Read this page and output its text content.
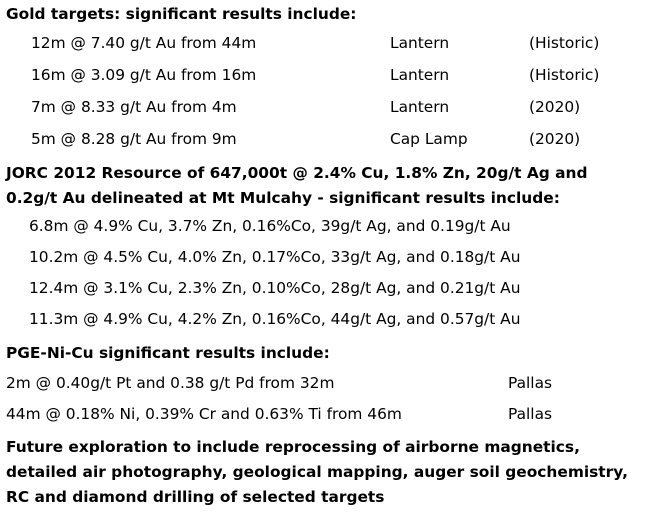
Gold targets: significant results include:
12m @ 7.40 g/t Au from 44m	Lantern	(Historic)
16m @ 3.09 g/t Au from 16m	Lantern	(Historic)
7m @ 8.33 g/t Au from 4m	Lantern	(2020)
5m @ 8.28 g/t Au from 9m	Cap Lamp	(2020)
JORC 2012 Resource of 647,000t @ 2.4% Cu, 1.8% Zn, 20g/t Ag and
0.2g/t Au delineated at Mt Mulcahy - significant results include:
6.8m @ 4.9% Cu, 3.7% Zn, 0.16%Co, 39g/t Ag, and 0.19g/t Au
10.2m @ 4.5% Cu, 4.0% Zn, 0.17%Co, 33g/t Ag, and 0.18g/t Au
12.4m @ 3.1% Cu, 2.3% Zn, 0.10%Co, 28g/t Ag, and 0.21g/t Au
11.3m @ 4.9% Cu, 4.2% Zn, 0.16%Co, 44g/t Ag, and 0.57g/t Au
PGE-Ni-Cu significant results include:
2m @ 0.40g/t Pt and 0.38 g/t Pd from 32m	Pallas
44m @ 0.18% Ni, 0.39% Cr and 0.63% Ti from 46m	Pallas
Future exploration to include reprocessing of airborne magnetics,
detailed air photography, geological mapping, auger soil geochemistry,
RC and diamond drilling of selected targets
